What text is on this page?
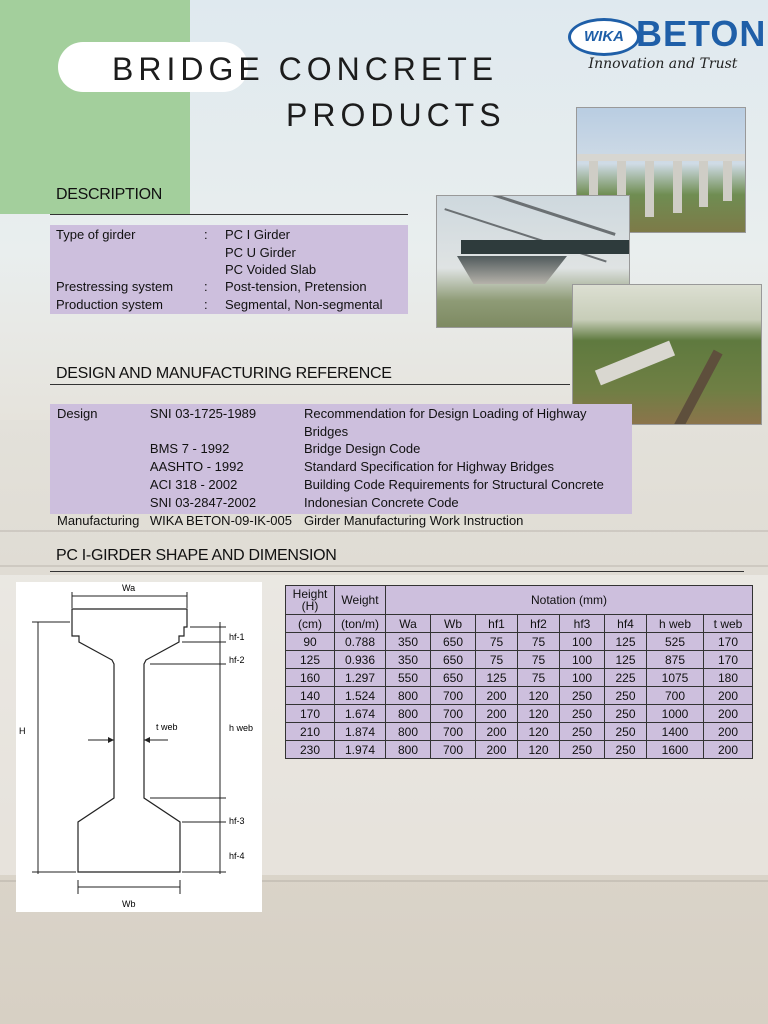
BRIDGE CONCRETE
PRODUCTS
WIKA BETON
Innovation and Trust
DESCRIPTION
Type of girder	: PC I Girder
PC U Girder
PC Voided Slab
Prestressing system : Post-tension, Pretension
Production system	: Segmental, Non-segmental
DESIGN AND MANUFACTURING REFERENCE
Design	SNI 03-1725-1989	Recommendation for Design Loading of Highway Bridges
	BMS 7 - 1992	Bridge Design Code
	AASHTO - 1992	Standard Specification for Highway Bridges
	ACI 318 - 2002	Building Code Requirements for Structural Concrete
	SNI 03-2847-2002	Indonesian Concrete Code
Manufacturing	WIKA BETON-09-IK-005	Girder Manufacturing Work Instruction
PC I-GIRDER SHAPE AND DIMENSION
Wa
Wb
H
hf-1
hf-2
h web
hf-3
hf-4
t web
Height (H)	Weight	Notation (mm)							
(cm)	(ton/m)	Wa	Wb	hf1	hf2	hf3	hf4	h web	t web
90	0.788	350	650	75	75	100	125	525	170
125	0.936	350	650	75	75	100	125	875	170
160	1.297	550	650	125	75	100	225	1075	180
140	1.524	800	700	200	120	250	250	700	200
170	1.674	800	700	200	120	250	250	1000	200
210	1.874	800	700	200	120	250	250	1400	200
230	1.974	800	700	200	120	250	250	1600	200
